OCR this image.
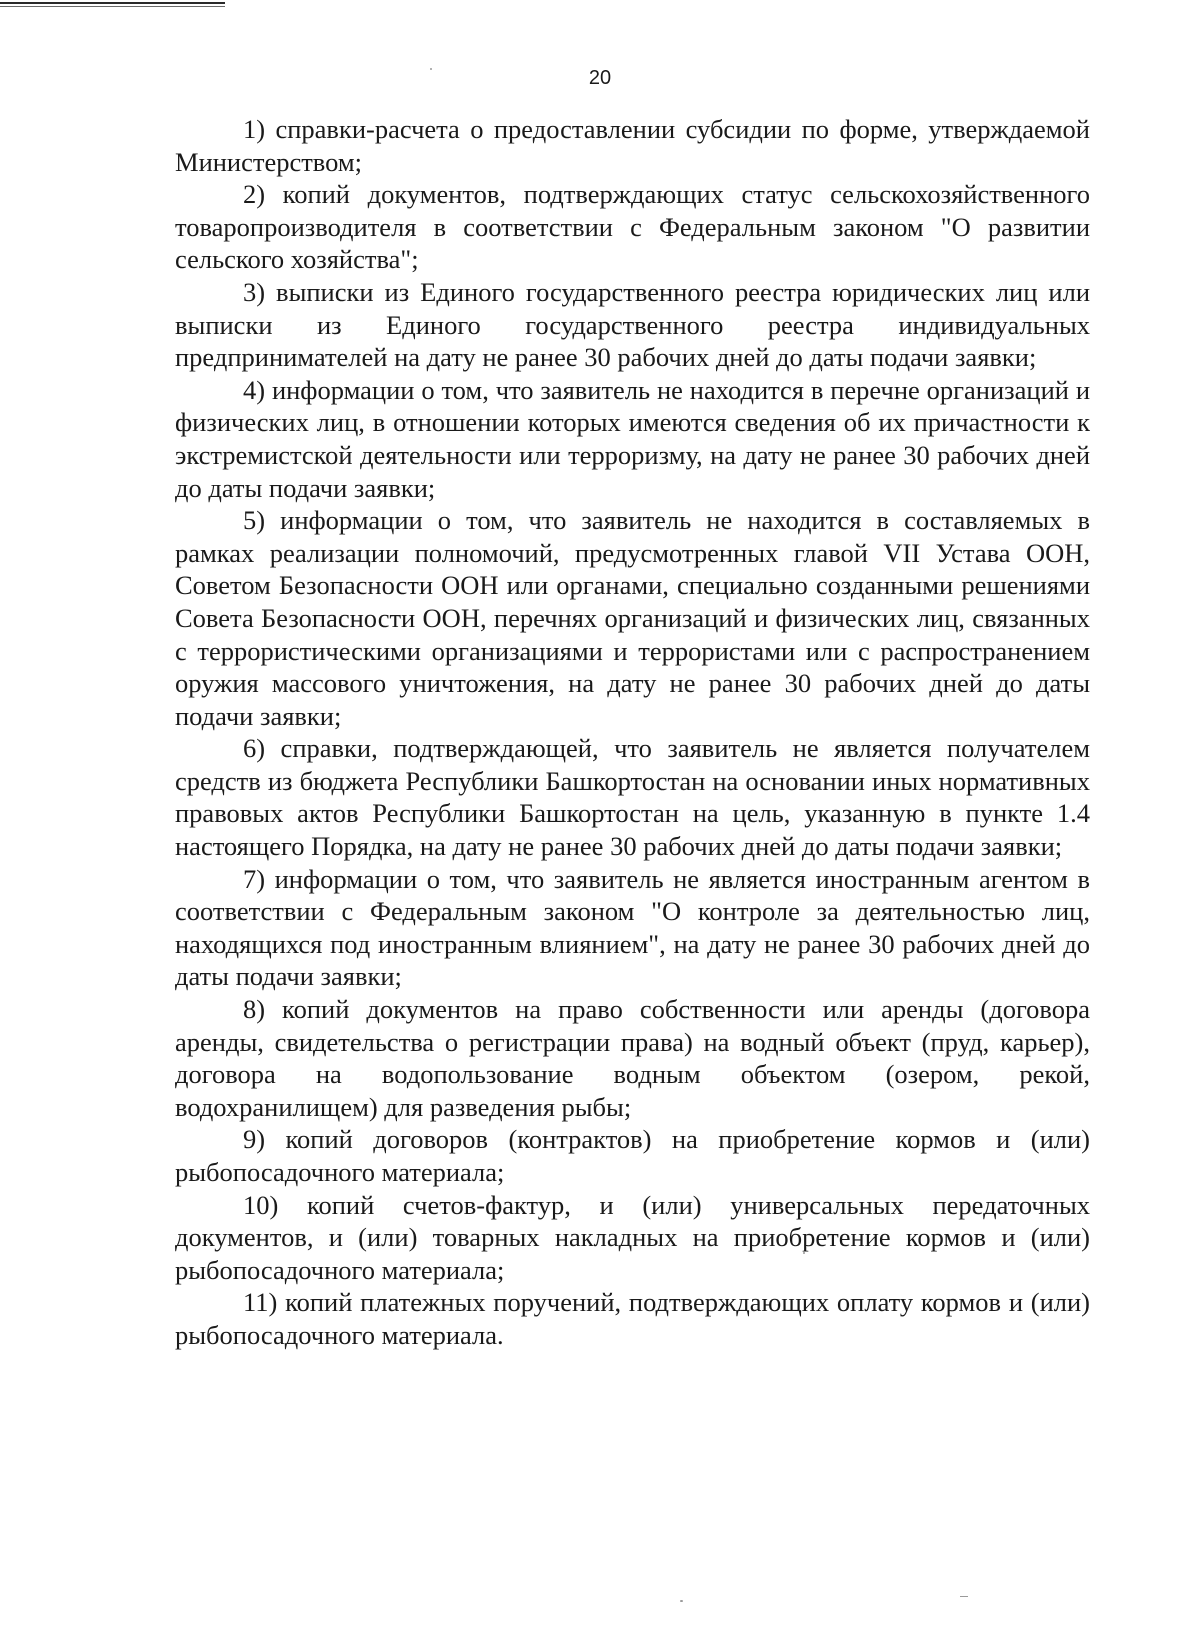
20

1) справки-расчета о предоставлении субсидии по форме, утверждаемой Министерством;

2) копий документов, подтверждающих статус сельскохозяйственного товаропроизводителя в соответствии с Федеральным законом "О развитии сельского хозяйства";

3) выписки из Единого государственного реестра юридических лиц или выписки из Единого государственного реестра индивидуальных предпринимателей на дату не ранее 30 рабочих дней до даты подачи заявки;

4) информации о том, что заявитель не находится в перечне организаций и физических лиц, в отношении которых имеются сведения об их причастности к экстремистской деятельности или терроризму, на дату не ранее 30 рабочих дней до даты подачи заявки;

5) информации о том, что заявитель не находится в составляемых в рамках реализации полномочий, предусмотренных главой VII Устава ООН, Советом Безопасности ООН или органами, специально созданными решениями Совета Безопасности ООН, перечнях организаций и физических лиц, связанных с террористическими организациями и террористами или с распространением оружия массового уничтожения, на дату не ранее 30 рабочих дней до даты подачи заявки;

6) справки, подтверждающей, что заявитель не является получателем средств из бюджета Республики Башкортостан на основании иных нормативных правовых актов Республики Башкортостан на цель, указанную в пункте 1.4 настоящего Порядка, на дату не ранее 30 рабочих дней до даты подачи заявки;

7) информации о том, что заявитель не является иностранным агентом в соответствии с Федеральным законом "О контроле за деятельностью лиц, находящихся под иностранным влиянием", на дату не ранее 30 рабочих дней до даты подачи заявки;

8) копий документов на право собственности или аренды (договора аренды, свидетельства о регистрации права) на водный объект (пруд, карьер), договора на водопользование водным объектом (озером, рекой, водохранилищем) для разведения рыбы;

9) копий договоров (контрактов) на приобретение кормов и (или) рыбопосадочного материала;

10) копий счетов-фактур, и (или) универсальных передаточных документов, и (или) товарных накладных на приобретение кормов и (или) рыбопосадочного материала;

11) копий платежных поручений, подтверждающих оплату кормов и (или) рыбопосадочного материала.
